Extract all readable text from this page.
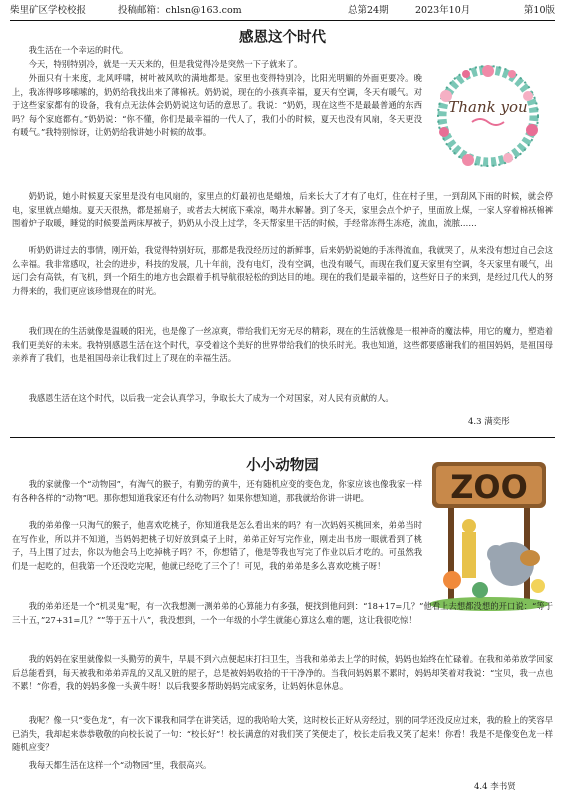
柴里矿区学校校报	投稿邮箱：chlsn@163.com	总第24期	2023年10月	第10版
感恩这个时代
Thank you

我生活在一个幸运的时代。

今天，特别特别冷，就是一天天来的，但是我觉得冷是突然一下子就来了。

外面只有十来度，北风呼啸，树叶被风吹的满地都是。家里也变得特别冷，比阳光明媚的外面更要冷。晚上，我冻得哆哆嗦嗦的，奶奶给我找出来了薄棉袄。奶奶说，现在的小孩真幸福，夏天有空调，冬天有暖气。对于这些家家都有的设备，我有点无法体会奶奶说这句话的意思了。我说：“奶奶，现在这些不是最最普通的东西吗？每个家庭都有。”奶奶说：“你不懂，你们是最幸福的一代人了，我们小的时候，夏天也没有风扇，冬天更没有暖气。”我特别惊讶，让奶奶给我讲她小时候的故事。

奶奶说，她小时候夏天家里是没有电风扇的，家里点的灯最初也是蜡烛，后来长大了才有了电灯，住在村子里，一到刮风下雨的时候，就会停电，家里就点蜡烛。夏天天很热，都是摇扇子，或者去大树底下乘凉，喝井水解暑。到了冬天，家里会点个炉子，里面放上煤，一家人穿着棉袄棉裤围着炉子取暖，睡觉的时候要盖两床厚被子，奶奶从小没上过学，冬天帮家里干活的时候，手经常冻得生冻疮，流血，流脓……

听奶奶讲过去的事情，刚开始，我觉得特别好玩，那都是我没经历过的新鲜事，后来奶奶说她的手冻得流血，我就哭了，从来没有想过自己会这么幸福。我非常感叹，社会的进步，科技的发展，几十年前，没有电灯，没有空调，也没有暖气，而现在我们夏天家里有空调，冬天家里有暖气，出远门会有高铁，有飞机，到一个陌生的地方也会跟着手机导航很轻松的到达目的地。现在的我们是最幸福的，这些好日子的来到，是经过几代人的努力得来的，我们更应该珍惜现在的时光。

我们现在的生活就像是温暖的阳光，也是像了一丝凉爽，带给我们无穷无尽的精彩，现在的生活就像是一根神奇的魔法棒，用它的魔力，塑造着我们更美好的未来。我特别感恩生活在这个时代，享受着这个美好的世界带给我们的快乐时光。我也知道，这些都要感谢我们的祖国妈妈，是祖国母亲养育了我们，也是祖国母亲让我们过上了现在的幸福生活。

我感恩生活在这个时代，以后我一定会认真学习，争取长大了成为一个对国家，对人民有贡献的人。

4.3 满奕彤
小小动物园
ZOO

我的家就像一个“动物园”，有淘气的猴子，有勤劳的黄牛，还有随机应变的变色龙，你家应该也像我家一样有各种各样的“动物”吧。那你想知道我家还有什么动物吗？如果你想知道，那我就给你讲一讲吧。

我的弟弟像一只淘气的猴子，他喜欢吃桃子，你知道我是怎么看出来的吗？有一次妈妈买桃回来，弟弟当时在写作业，所以并不知道，当妈妈把桃子切好放到桌子上时，弟弟正好写完作业，刚走出书房一眼就看到了桃子，马上围了过去，你以为他会马上吃掉桃子吗？不，你想错了，他是等我也写完了作业以后才吃的。可虽然我们是一起吃的，但我第一个还没吃完呢，他就已经吃了三个了！可见，我的弟弟是多么喜欢吃桃子呀！

我的弟弟还是一个“机灵鬼”呢，有一次我想测一测弟弟的心算能力有多强，便找到他问到：“18+17=几？”他看上去想都没想的开口说：“等于三十五，”27+31=几？“”等于五十八”，我没想到，一个一年级的小学生就能心算这么难的题，这让我很吃惊！

我的妈妈在家里就像似一头勤劳的黄牛，早晨不到六点便起床打扫卫生，当我和弟弟去上学的时候，妈妈也始终在忙碌着。在我和弟弟放学回家后总能看到，每天被我和弟弟弄乱的又乱又脏的屋子，总是被妈妈收拾的干干净净的。当我问妈妈累不累时，妈妈却笑着对我说：“宝贝，我一点也不累！”你看，我的妈妈多像一头黄牛呀！以后我要多帮助妈妈完成家务，让妈妈休息休息。

我呢？像一只“变色龙”，有一次下课我和同学在讲笑话，逗的我哈哈大笑，这时校长正好从旁经过，别的同学还没反应过来，我的脸上的笑容早已消失，我却起来恭恭敬敬的向校长说了一句：“校长好”！校长满意的对我们笑了笑便走了，校长走后我又笑了起来！你看！我是不是像变色龙一样随机应变？

我每天都生活在这样一个“动物园”里，我很高兴。

4.4 李书贤
